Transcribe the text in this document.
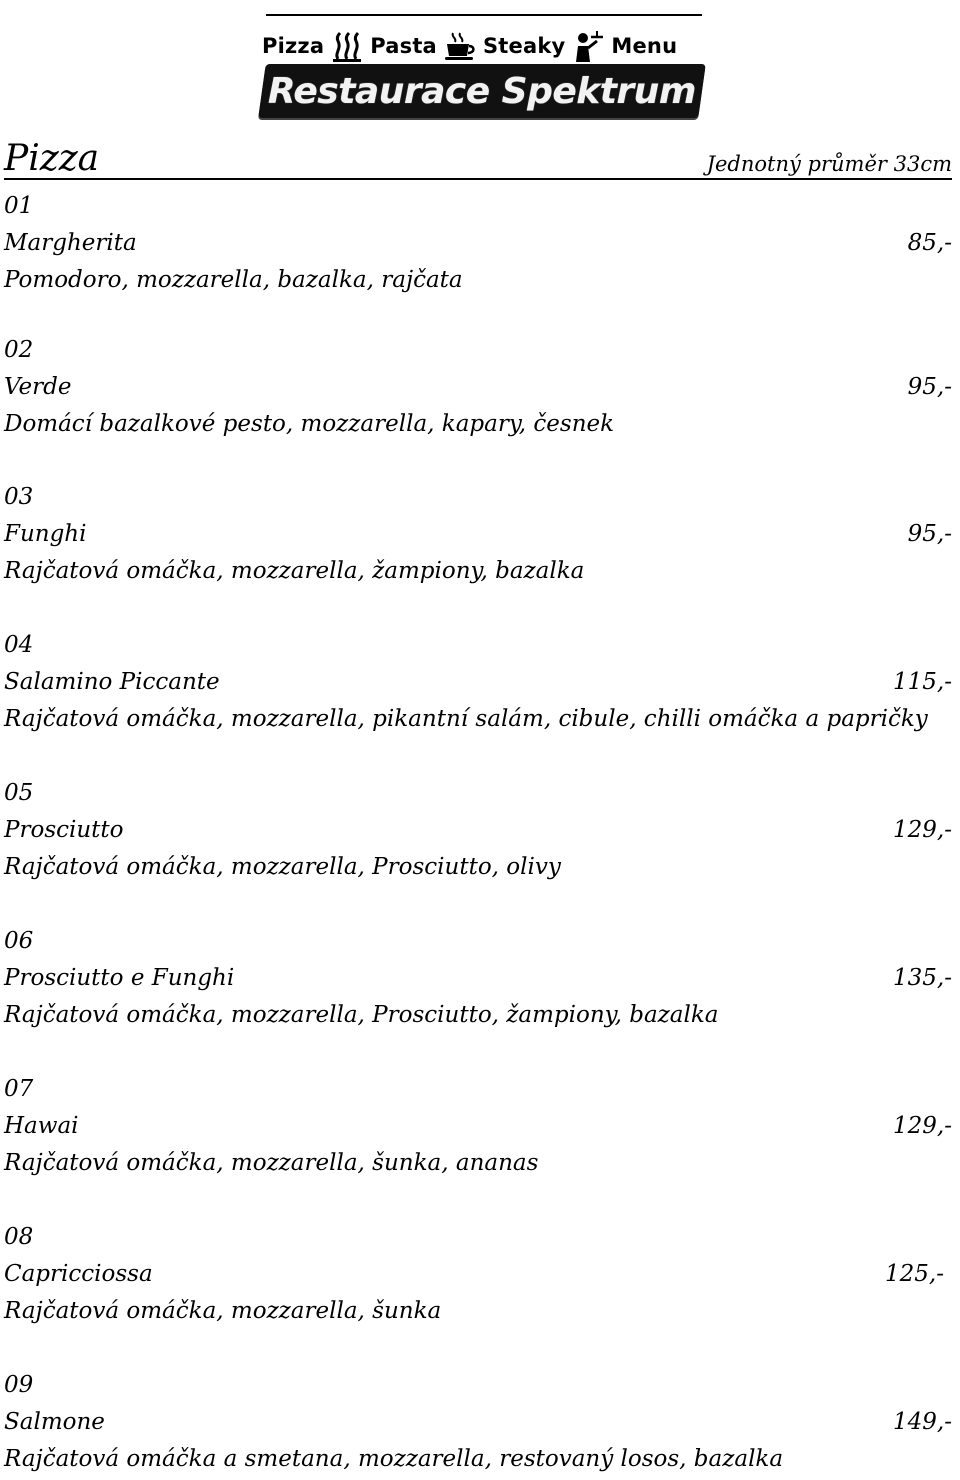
Pizza Pasta Steaky Menu
Restaurace Spektrum
Pizza	Jednotný průměr 33cm
01
Margherita	85,-
Pomodoro, mozzarella, bazalka, rajčata
02
Verde	95,-
Domácí bazalkové pesto, mozzarella, kapary, česnek
03
Funghi	95,-
Rajčatová omáčka, mozzarella, žampiony, bazalka
04
Salamino Piccante	115,-
Rajčatová omáčka, mozzarella, pikantní salám, cibule, chilli omáčka a papričky
05
Prosciutto	129,-
Rajčatová omáčka, mozzarella, Prosciutto, olivy
06
Prosciutto e Funghi	135,-
Rajčatová omáčka, mozzarella, Prosciutto, žampiony, bazalka
07
Hawai	129,-
Rajčatová omáčka, mozzarella, šunka, ananas
08
Capricciossa	125,-
Rajčatová omáčka, mozzarella, šunka
09
Salmone	149,-
Rajčatová omáčka a smetana, mozzarella, restovaný losos, bazalka
